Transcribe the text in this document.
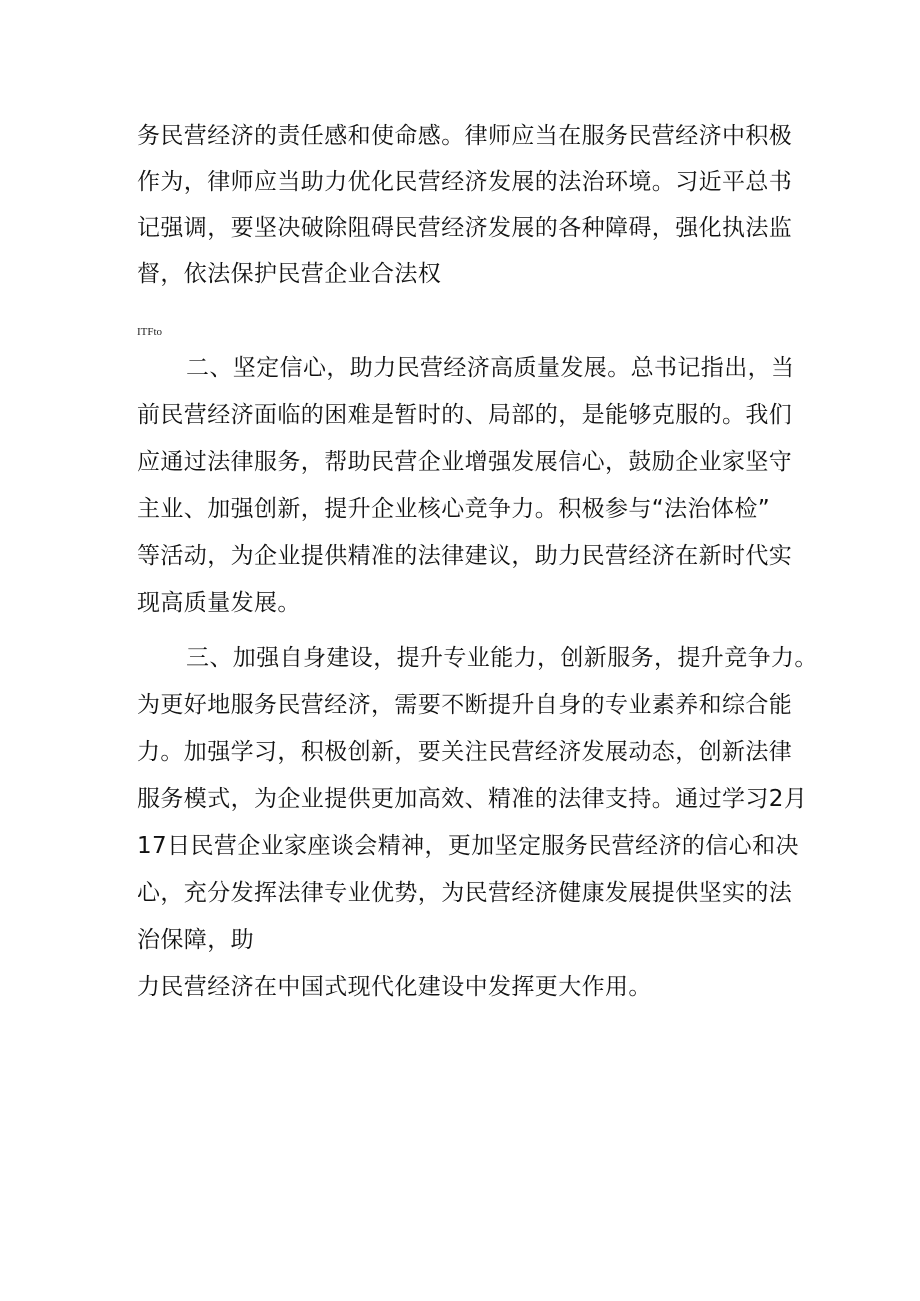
务民营经济的责任感和使命感。律师应当在服务民营经济中积极
作为，律师应当助力优化民营经济发展的法治环境。习近平总书
记强调，要坚决破除阻碍民营经济发展的各种障碍，强化执法监
督，依法保护民营企业合法权
ITFto
二、坚定信心，助力民营经济高质量发展。总书记指出，当
前民营经济面临的困难是暂时的、局部的，是能够克服的。我们
应通过法律服务，帮助民营企业增强发展信心，鼓励企业家坚守
主业、加强创新，提升企业核心竞争力。积极参与“法治体检”
等活动，为企业提供精准的法律建议，助力民营经济在新时代实
现高质量发展。
三、加强自身建设，提升专业能力，创新服务，提升竞争力。
为更好地服务民营经济，需要不断提升自身的专业素养和综合能
力。加强学习，积极创新，要关注民营经济发展动态，创新法律
服务模式，为企业提供更加高效、精准的法律支持。通过学习2月
17日民营企业家座谈会精神，更加坚定服务民营经济的信心和决
心，充分发挥法律专业优势，为民营经济健康发展提供坚实的法
治保障，助
力民营经济在中国式现代化建设中发挥更大作用。
